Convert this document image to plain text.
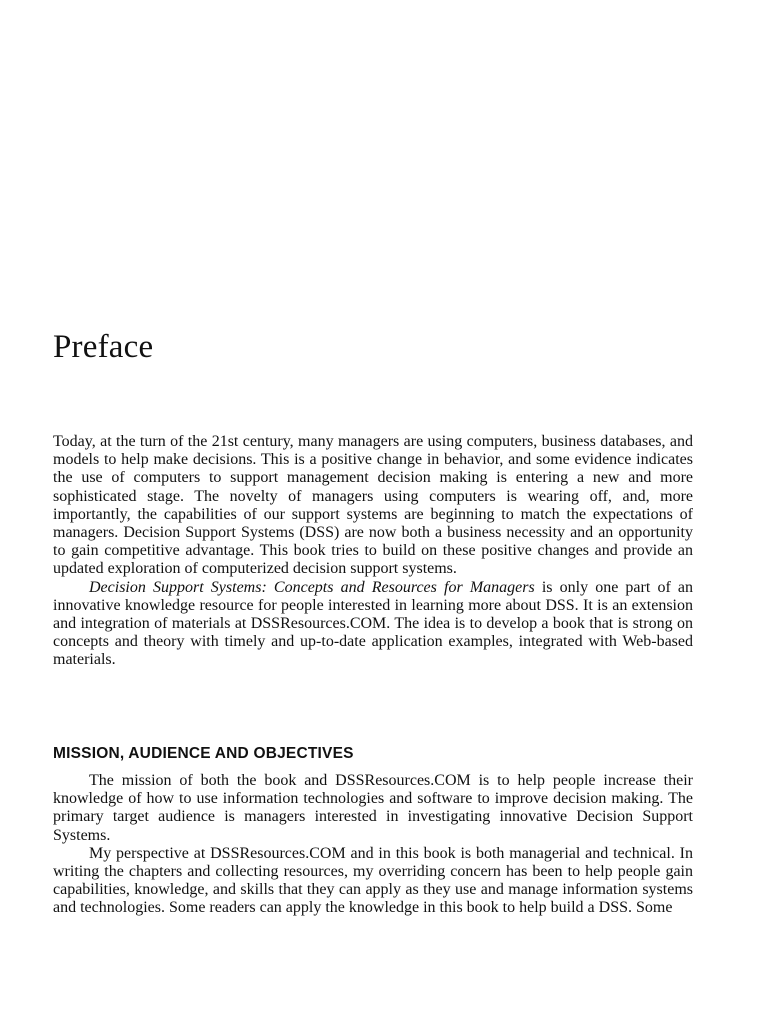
Preface

Today, at the turn of the 21st century, many managers are using computers, business databases, and models to help make decisions. This is a positive change in behavior, and some evidence indicates the use of computers to support management decision making is entering a new and more sophisticated stage. The novelty of managers using computers is wearing off, and, more importantly, the capabilities of our support systems are beginning to match the expectations of managers. Decision Support Systems (DSS) are now both a business necessity and an opportunity to gain competitive advantage. This book tries to build on these positive changes and provide an updated exploration of computerized decision support systems.

Decision Support Systems: Concepts and Resources for Managers is only one part of an innovative knowledge resource for people interested in learning more about DSS. It is an extension and integration of materials at DSSResources.COM. The idea is to develop a book that is strong on concepts and theory with timely and up-to-date application examples, integrated with Web-based materials.

MISSION, AUDIENCE AND OBJECTIVES

The mission of both the book and DSSResources.COM is to help people increase their knowledge of how to use information technologies and software to improve decision making. The primary target audience is managers interested in investigating innovative Decision Support Systems.

My perspective at DSSResources.COM and in this book is both managerial and technical. In writing the chapters and collecting resources, my overriding concern has been to help people gain capabilities, knowledge, and skills that they can apply as they use and manage information systems and technologies. Some readers can apply the knowledge in this book to help build a DSS. Some
